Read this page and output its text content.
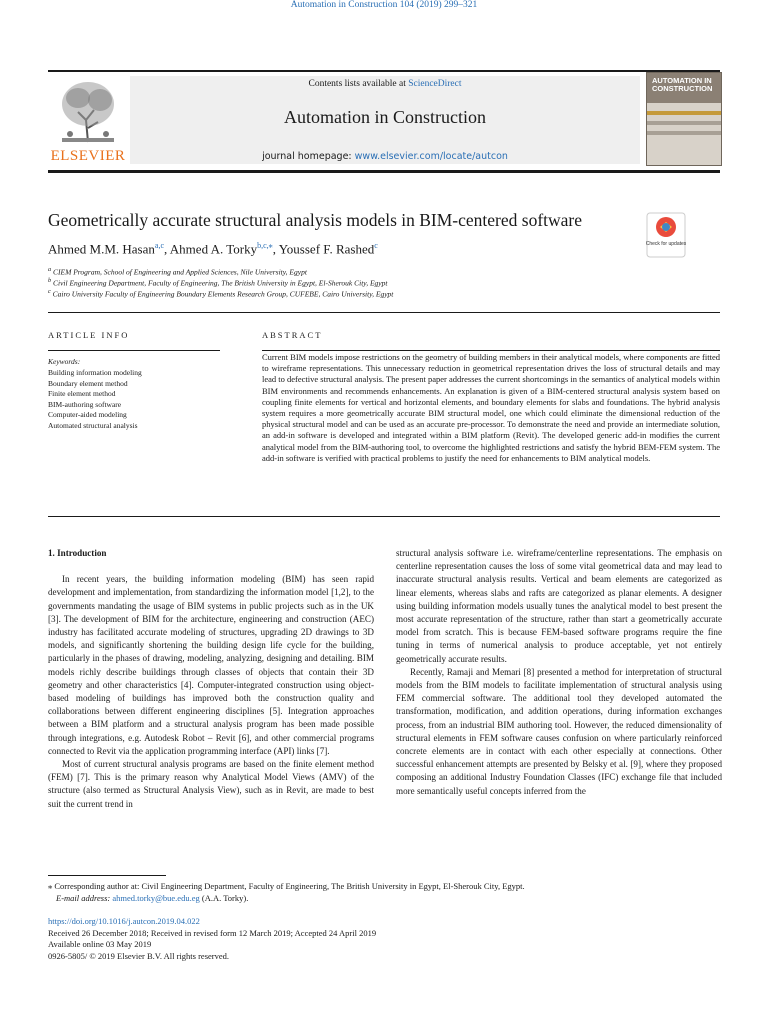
Automation in Construction 104 (2019) 299–321
ELSEVIER
Contents lists available at ScienceDirect
Automation in Construction
journal homepage: www.elsevier.com/locate/autcon
AUTOMATION IN CONSTRUCTION
Geometrically accurate structural analysis models in BIM-centered software
Ahmed M.M. Hasan$^{a,c}$, Ahmed A. Torky$^{b,c,⁎}$, Youssef F. Rashed$^c$	Check for updates
$^a$ CIEM Program, School of Engineering and Applied Sciences, Nile University, Egypt
$^b$ Civil Engineering Department, Faculty of Engineering, The British University in Egypt, El-Sherouk City, Egypt
$^c$ Cairo University Faculty of Engineering Boundary Elements Research Group, CUFEBE, Cairo University, Egypt
ARTICLE INFO	ABSTRACT
Keywords:
Building information modeling
Boundary element method
Finite element method
BIM-authoring software
Computer-aided modeling
Automated structural analysis
Current BIM models impose restrictions on the geometry of building members in their analytical models, where components are fitted to wireframe representations. This unnecessary reduction in geometrical representation drives the loss of structural details and may lead to defective structural analysis. The present paper addresses the current shortcomings in the semantics of analytical models within BIM environments and recommends enhancements. An explanation is given of a BIM-centered structural analysis system based on coupling finite elements for vertical and horizontal elements, and boundary elements for slabs and foundations. The hybrid analysis system requires a more geometrically accurate BIM structural model, one which could eliminate the dimensional reduction of the physical structural model and can be used as an accurate pre-processor. To demonstrate the need and provide an intermediate solution, an add-in software is developed and integrated within a BIM platform (Revit). The developed generic add-in modifies the current analytical model from the BIM-authoring tool, to overcome the highlighted restrictions and satisfy the hybrid BEM-FEM system. The add-in software is verified with practical problems to justify the need for enhancements to BIM analytical models.

1. Introduction

In recent years, the building information modeling (BIM) has seen rapid development and implementation, from standardizing the information model [1,2], to the governments mandating the usage of BIM systems in public projects such as in the UK [3]. The development of BIM for the architecture, engineering and construction (AEC) industry has facilitated accurate modeling of structures, upgrading 2D drawings to 3D models, and significantly shortening the building design life cycle for the building, particularly in the phases of drawing, modeling, analyzing, designing and detailing. BIM models richly describe buildings through classes of objects that contain their 3D geometry and other characteristics [4]. Computer-integrated construction using object-based modeling of buildings has improved both the construction quality and collaborations between different engineering disciplines [5]. Integration approaches between a BIM platform and a structural analysis program has been made possible through integrations, e.g. Autodesk Robot – Revit [6], and other commercial programs connected to Revit via the application programming interface (API) links [7].

Most of current structural analysis programs are based on the finite element method (FEM) [7]. This is the primary reason why Analytical Model Views (AMV) of the structure (also termed as Structural Analysis View), such as in Revit, are made to best suit the current trend in

structural analysis software i.e. wireframe/centerline representations. The emphasis on centerline representation causes the loss of some vital geometrical data and may lead to inaccurate structural analysis results. Vertical and beam elements are categorized as linear elements, whereas slabs and rafts are categorized as planar elements. A designer using building information models usually tunes the analytical model to best present the most accurate representation of the structure, rather than start a geometrically accurate model from scratch. This is because FEM-based software programs require the fine tuning in terms of numerical analysis to produce acceptable, yet not entirely geometrically accurate results.

Recently, Ramaji and Memari [8] presented a method for interpretation of structural models from the BIM models to facilitate implementation of structural analysis using FEM commercial software. The additional tool they developed automated the transformation, modification, and addition operations, during information exchanges process, from an industrial BIM authoring tool. However, the reduced dimensionality of structural elements in FEM software causes confusion on where particularly reinforced concrete elements are in contact with each other especially at connections. Other successful enhancement attempts are presented by Belsky et al. [9], where they proposed composing an additional Industry Foundation Classes (IFC) exchange file that included more semantically useful concepts inferred from the

⁎ Corresponding author at: Civil Engineering Department, Faculty of Engineering, The British University in Egypt, El-Sherouk City, Egypt.
E-mail address: ahmed.torky@bue.edu.eg (A.A. Torky).
https://doi.org/10.1016/j.autcon.2019.04.022
Received 26 December 2018; Received in revised form 12 March 2019; Accepted 24 April 2019
Available online 03 May 2019
0926-5805/ © 2019 Elsevier B.V. All rights reserved.
